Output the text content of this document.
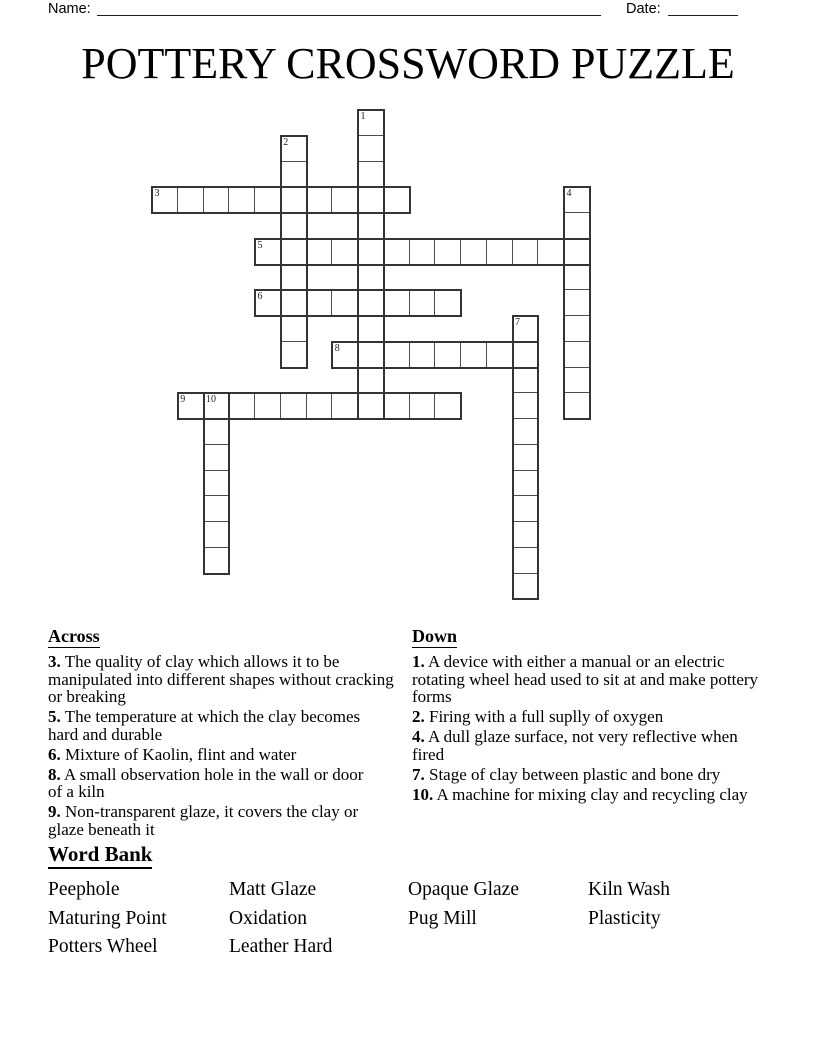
Name:	Date:
POTTERY CROSSWORD PUZZLE
1
2
3	4
5
6
7
8
9 10
Across
3. The quality of clay which allows it to be
manipulated into different shapes without cracking
or breaking
5. The temperature at which the clay becomes
hard and durable
6. Mixture of Kaolin, flint and water
8. A small observation hole in the wall or door
of a kiln
9. Non-transparent glaze, it covers the clay or
glaze beneath it
Down
1. A device with either a manual or an electric
rotating wheel head used to sit at and make pottery
forms
2. Firing with a full suplly of oxygen
4. A dull glaze surface, not very reflective when
fired
7. Stage of clay between plastic and bone dry
10. A machine for mixing clay and recycling clay
Word Bank
Peephole
Maturing Point
Potters Wheel
Matt Glaze
Oxidation
Leather Hard
Opaque Glaze
Pug Mill
Kiln Wash
Plasticity
